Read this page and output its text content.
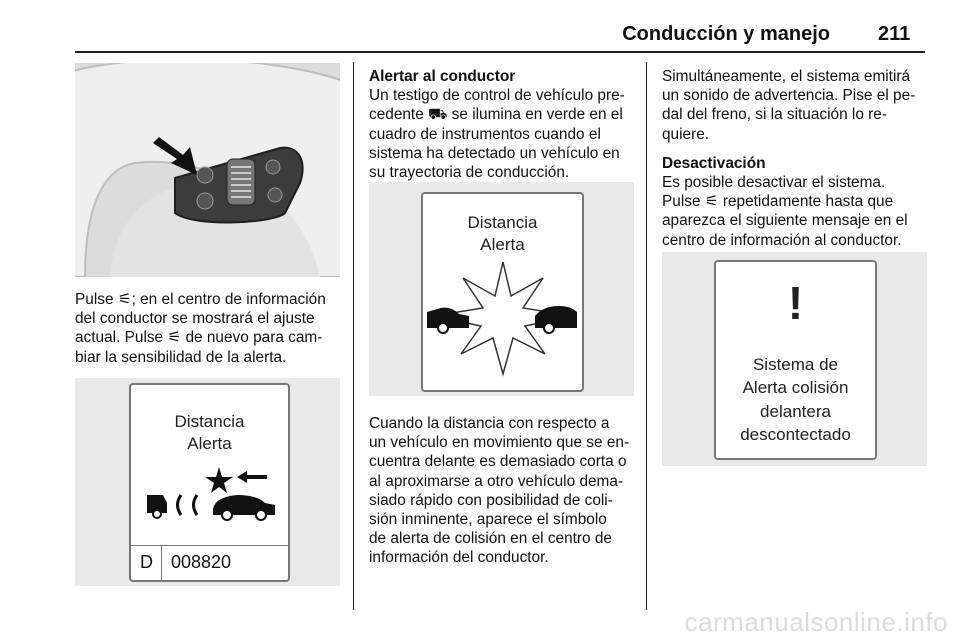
Conducción y manejo 211

Pulse ⚟; en el centro de información

del conductor se mostrará el ajuste

actual. Pulse ⚟ de nuevo para cam-

biar la sensibilidad de la alerta.

Distancia
Alerta
D 008820

Alertar al conductor

Un testigo de control de vehículo pre-

cedente ⛟ se ilumina en verde en el

cuadro de instrumentos cuando el

sistema ha detectado un vehículo en

su trayectoria de conducción.

Distancia
Alerta

Cuando la distancia con respecto a

un vehículo en movimiento que se en-

cuentra delante es demasiado corta o

al aproximarse a otro vehículo dema-

siado rápido con posibilidad de coli-

sión inminente, aparece el símbolo

de alerta de colisión en el centro de

información del conductor.

Simultáneamente, el sistema emitirá

un sonido de advertencia. Pise el pe-

dal del freno, si la situación lo re-

quiere.

Desactivación

Es posible desactivar el sistema.

Pulse ⚟ repetidamente hasta que

aparezca el siguiente mensaje en el

centro de información al conductor.

!
Sistema de
Alerta colisión
delantera
descontectado
carmanualsonline.info
